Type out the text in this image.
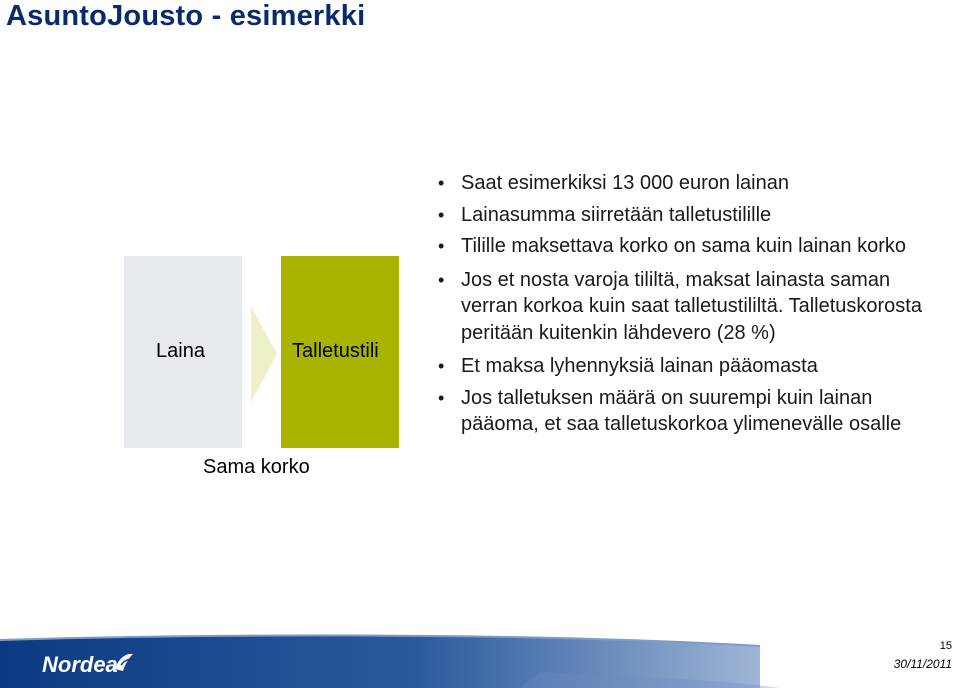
AsuntoJousto - esimerkki
Laina	Talletustili
Sama korko
• Saat esimerkiksi 13 000 euron lainan
• Lainasumma siirretään talletustilille
• Tilille maksettava korko on sama kuin lainan korko
• Jos et nosta varoja tililtä, maksat lainasta saman verran korkoa kuin saat talletustililtä. Talletuskorosta peritään kuitenkin lähdevero (28 %)
• Et maksa lyhennyksiä lainan pääomasta
• Jos talletuksen määrä on suurempi kuin lainan pääoma, et saa talletuskorkoa ylimenevälle osalle
Nordea
15
30/11/2011
